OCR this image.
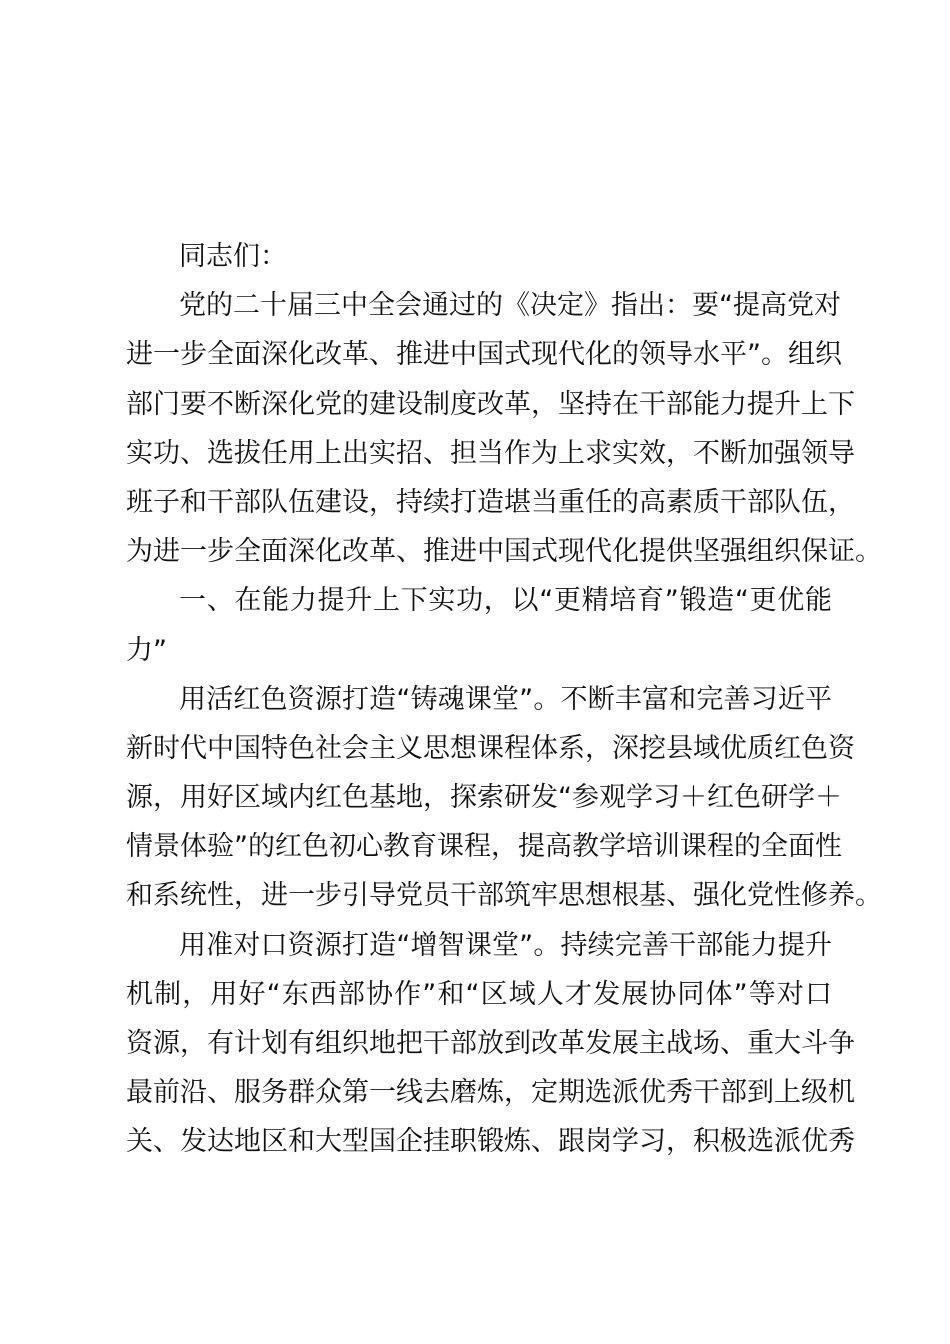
同志们：
党的二十届三中全会通过的《决定》指出：要“提高党对
进一步全面深化改革、推进中国式现代化的领导水平”。组织
部门要不断深化党的建设制度改革，坚持在干部能力提升上下
实功、选拔任用上出实招、担当作为上求实效，不断加强领导
班子和干部队伍建设，持续打造堪当重任的高素质干部队伍，
为进一步全面深化改革、推进中国式现代化提供坚强组织保证。
一、在能力提升上下实功，以“更精培育”锻造“更优能
力”
用活红色资源打造“铸魂课堂”。不断丰富和完善习近平
新时代中国特色社会主义思想课程体系，深挖县域优质红色资
源，用好区域内红色基地，探索研发“参观学习＋红色研学＋
情景体验”的红色初心教育课程，提高教学培训课程的全面性
和系统性，进一步引导党员干部筑牢思想根基、强化党性修养。
用准对口资源打造“增智课堂”。持续完善干部能力提升
机制，用好“东西部协作”和“区域人才发展协同体”等对口
资源，有计划有组织地把干部放到改革发展主战场、重大斗争
最前沿、服务群众第一线去磨炼，定期选派优秀干部到上级机
关、发达地区和大型国企挂职锻炼、跟岗学习，积极选派优秀
